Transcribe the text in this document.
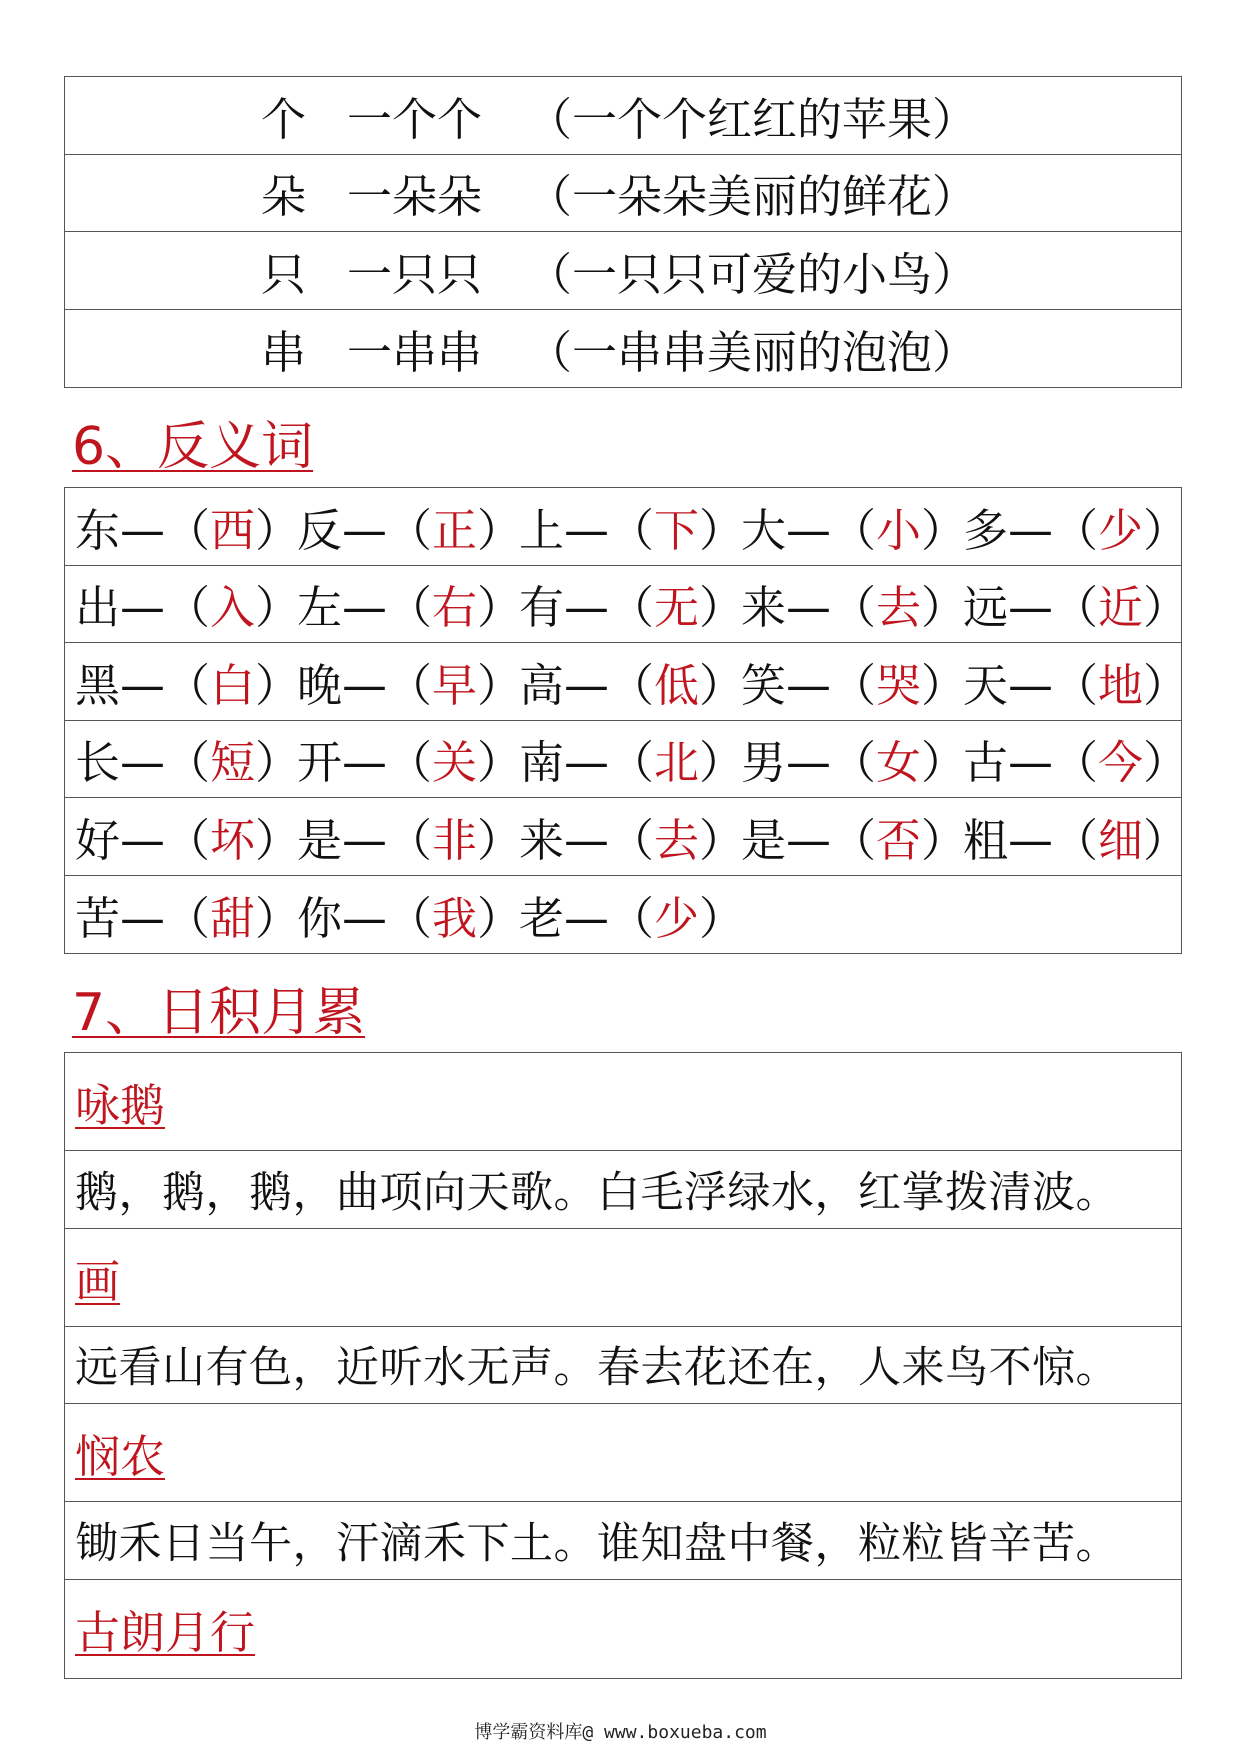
个 一个个 （一个个红红的苹果）
朵 一朵朵 （一朵朵美丽的鲜花）
只 一只只 （一只只可爱的小鸟）
串 一串串 （一串串美丽的泡泡）
6、反义词
东—（西）
反—（正）
上—（下）
大—（小）
多—（少）
出—（入）
左—（右）
有—（无）
来—（去）
远—（近）
黑—（白）
晚—（早）
高—（低）
笑—（哭）
天—（地）
长—（短）
开—（关）
南—（北）
男—（女）
古—（今）
好—（坏）
是—（非）
来—（去）
是—（否）
粗—（细）
苦—（甜）
你—（我）
老—（少）
7、日积月累
咏鹅
鹅，鹅，鹅，曲项向天歌。白毛浮绿水，红掌拨清波。
画
远看山有色，近听水无声。春去花还在，人来鸟不惊。
悯农
锄禾日当午，汗滴禾下土。谁知盘中餐，粒粒皆辛苦。
古朗月行
博学霸资料库@ www.boxueba.com
